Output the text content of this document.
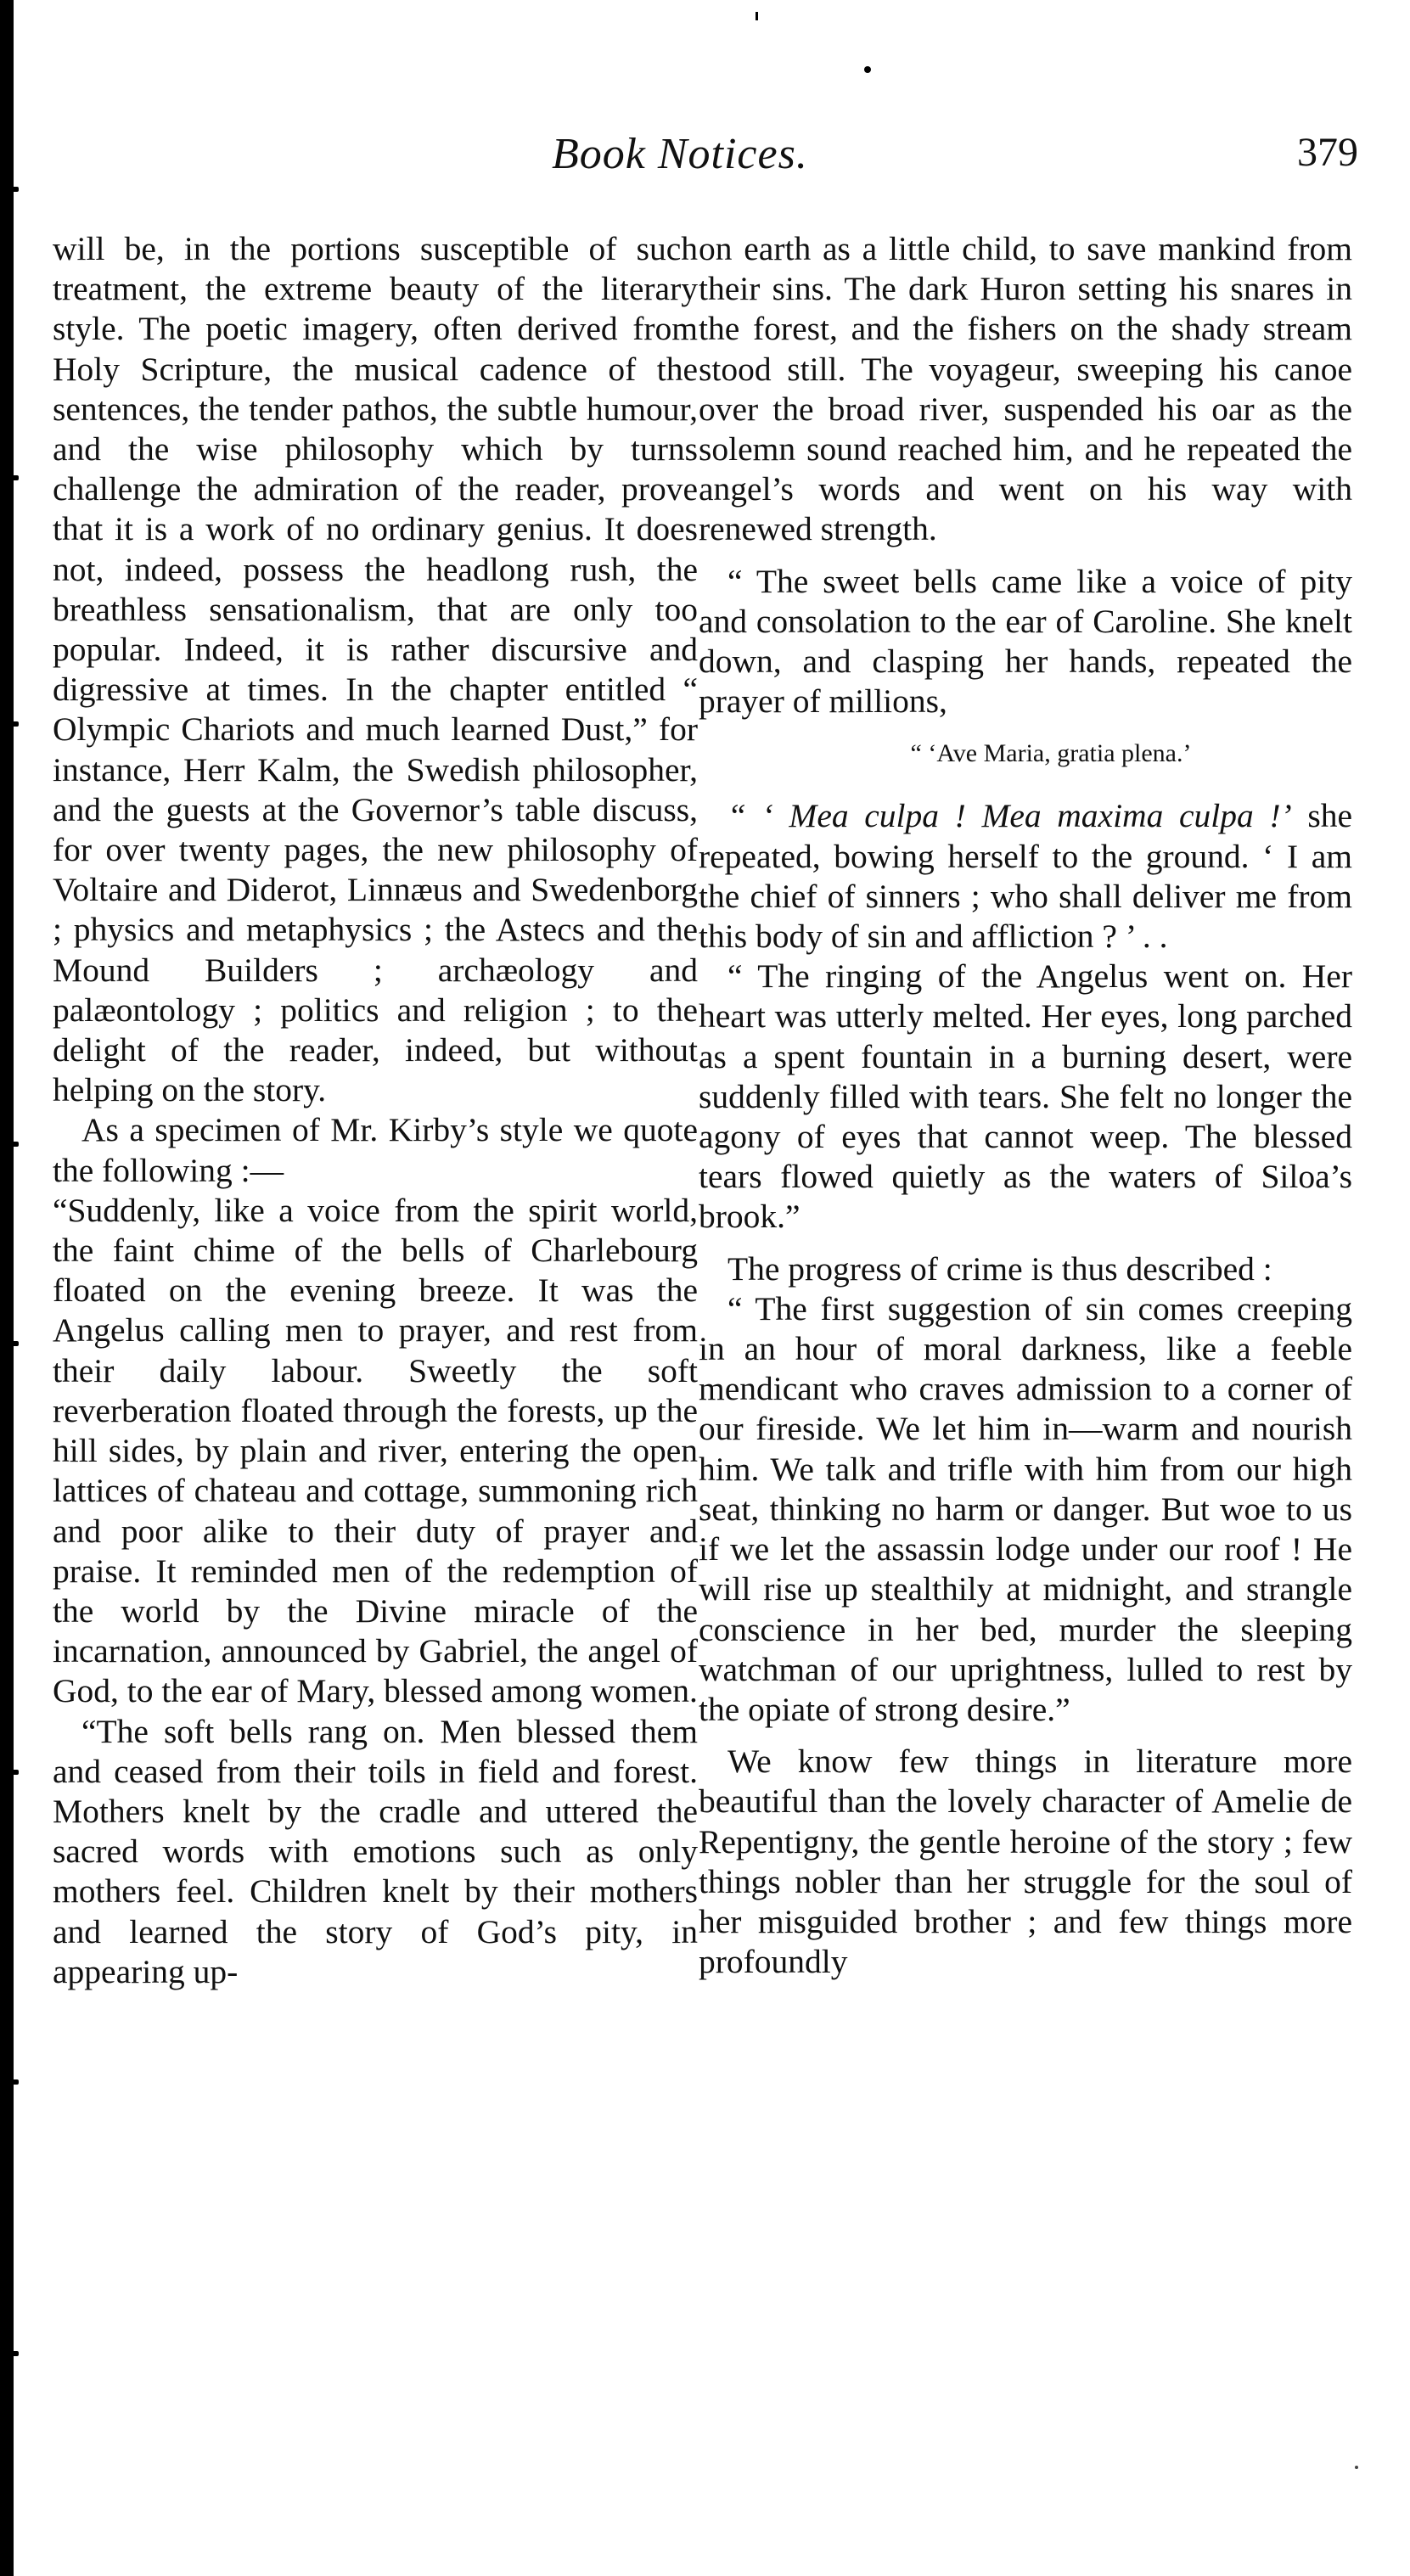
Book Notices.	379

will be, in the portions susceptible of such treatment, the extreme beauty of the literary style. The poetic imagery, often derived from Holy Scripture, the musical cadence of the sentences, the tender pathos, the subtle humour, and the wise philosophy which by turns challenge the admiration of the reader, prove that it is a work of no ordinary genius. It does not, indeed, possess the headlong rush, the breathless sensationalism, that are only too popular. Indeed, it is rather discursive and digressive at times. In the chapter entitled “ Olympic Chariots and much learned Dust,” for instance, Herr Kalm, the Swedish philosopher, and the guests at the Governor’s table discuss, for over twenty pages, the new philosophy of Voltaire and Diderot, Linnæus and Swedenborg ; physics and metaphysics ; the Astecs and the Mound Builders ; archæology and palæontology ; politics and religion ; to the delight of the reader, indeed, but without helping on the story.

As a specimen of Mr. Kirby’s style we quote the following :—

“Suddenly, like a voice from the spirit world, the faint chime of the bells of Charlebourg floated on the evening breeze. It was the Angelus calling men to prayer, and rest from their daily labour. Sweetly the soft reverberation floated through the forests, up the hill sides, by plain and river, entering the open lattices of chateau and cottage, summoning rich and poor alike to their duty of prayer and praise. It reminded men of the redemption of the world by the Divine miracle of the incarnation, announced by Gabriel, the angel of God, to the ear of Mary, blessed among women.

“The soft bells rang on. Men blessed them and ceased from their toils in field and forest. Mothers knelt by the cradle and uttered the sacred words with emotions such as only mothers feel. Children knelt by their mothers and learned the story of God’s pity, in appearing up-

on earth as a little child, to save mankind from their sins. The dark Huron setting his snares in the forest, and the fishers on the shady stream stood still. The voyageur, sweeping his canoe over the broad river, suspended his oar as the solemn sound reached him, and he repeated the angel’s words and went on his way with renewed strength.

“ The sweet bells came like a voice of pity and consolation to the ear of Caroline. She knelt down, and clasping her hands, repeated the prayer of millions,

“ ‘Ave Maria, gratia plena.’

“ ‘ Mea culpa ! Mea maxima culpa !’ she repeated, bowing herself to the ground. ‘ I am the chief of sinners ; who shall deliver me from this body of sin and affliction ? ’ . .

“ The ringing of the Angelus went on. Her heart was utterly melted. Her eyes, long parched as a spent fountain in a burning desert, were suddenly filled with tears. She felt no longer the agony of eyes that cannot weep. The blessed tears flowed quietly as the waters of Siloa’s brook.”

The progress of crime is thus described :

“ The first suggestion of sin comes creeping in an hour of moral darkness, like a feeble mendicant who craves admission to a corner of our fireside. We let him in—warm and nourish him. We talk and trifle with him from our high seat, thinking no harm or danger. But woe to us if we let the assassin lodge under our roof ! He will rise up stealthily at midnight, and strangle conscience in her bed, murder the sleeping watchman of our uprightness, lulled to rest by the opiate of strong desire.”

We know few things in literature more beautiful than the lovely character of Amelie de Repentigny, the gentle heroine of the story ; few things nobler than her struggle for the soul of her misguided brother ; and few things more profoundly
